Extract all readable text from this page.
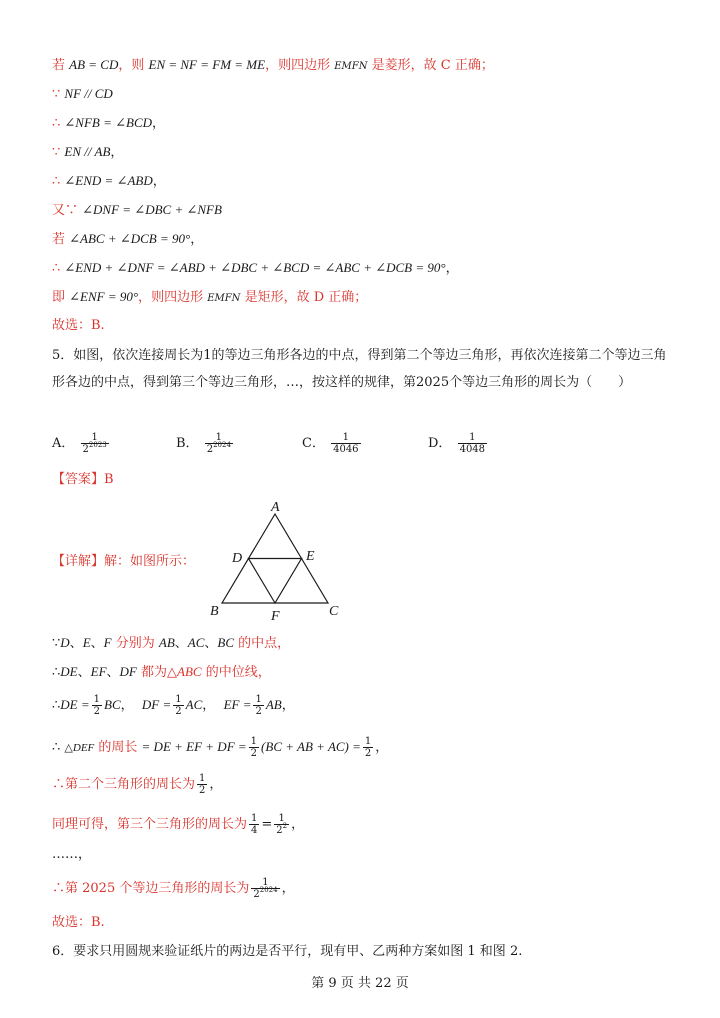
若 AB = CD，则 EN = NF = FM = ME，则四边形 EMFN 是菱形，故 C 正确；
∵ NF // CD
∴ ∠NFB = ∠BCD，
∵ EN // AB，
∴ ∠END = ∠ABD，
又∵ ∠DNF = ∠DBC + ∠NFB
若 ∠ABC + ∠DCB = 90°，
∴ ∠END + ∠DNF = ∠ABD + ∠DBC + ∠BCD = ∠ABC + ∠DCB = 90°，
即 ∠ENF = 90°，则四边形 EMFN 是矩形，故 D 正确；
故选：B.
5．如图，依次连接周长为1的等边三角形各边的中点，得到第二个等边三角形，再依次连接第二个等边三角形各边的中点，得到第三个等边三角形，…，按这样的规律，第2025个等边三角形的周长为（　　）
A． $\frac{1}{2^{2023}}$	B． $\frac{1}{2^{2024}}$	C． $\frac{1}{4046}$	D． $\frac{1}{4048}$
【答案】B
【详解】解：如图所示：
A
B	C
D	E
F
∵D、E、F 分别为 AB、AC、BC 的中点，
∴DE、EF、DF 都为△ABC 的中位线，
∴DE = $\frac{1}{2}$ BC， DF = $\frac{1}{2}$ AC， EF = $\frac{1}{2}$ AB，
∴ △DEF 的周长 = DE + EF + DF = $\frac{1}{2} (BC$ + AB + $AC) = \frac{1}{2}$ ，
∴第二个三角形的周长为 $\frac{1}{2}$ ，
同理可得，第三个三角形的周长为 $\frac{1}{4} = \frac{1}{2^2}$ ，
……，
∴第 2025 个等边三角形的周长为 $\frac{1}{2^{2024}}$ ，
故选：B.
6．要求只用圆规来验证纸片的两边是否平行，现有甲、乙两种方案如图 1 和图 2.
第 9 页 共 22 页
